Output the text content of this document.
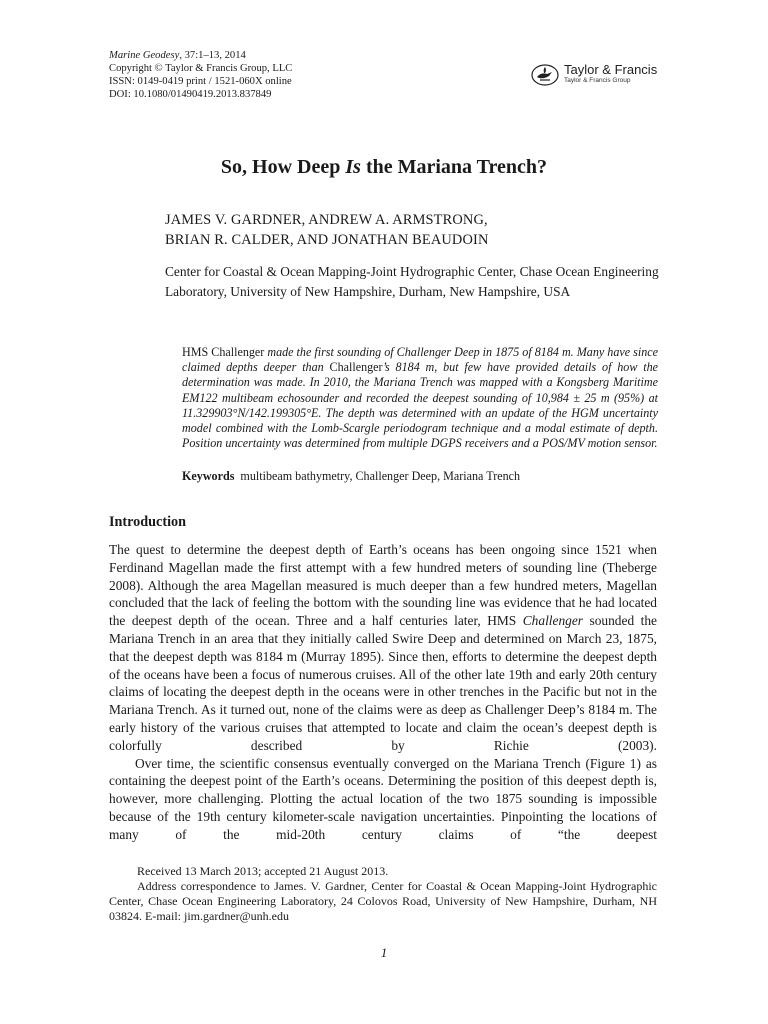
Marine Geodesy, 37:1–13, 2014
Copyright © Taylor & Francis Group, LLC
ISSN: 0149-0419 print / 1521-060X online
DOI: 10.1080/01490419.2013.837849
Taylor & Francis
Taylor & Francis Group
So, How Deep Is the Mariana Trench?
JAMES V. GARDNER, ANDREW A. ARMSTRONG,
BRIAN R. CALDER, AND JONATHAN BEAUDOIN
Center for Coastal & Ocean Mapping-Joint Hydrographic Center, Chase Ocean Engineering Laboratory, University of New Hampshire, Durham, New Hampshire, USA
HMS Challenger made the first sounding of Challenger Deep in 1875 of 8184 m. Many have since claimed depths deeper than Challenger’s 8184 m, but few have provided details of how the determination was made. In 2010, the Mariana Trench was mapped with a Kongsberg Maritime EM122 multibeam echosounder and recorded the deepest sounding of 10,984 ± 25 m (95%) at 11.329903°N/142.199305°E. The depth was determined with an update of the HGM uncertainty model combined with the Lomb-Scargle periodogram technique and a modal estimate of depth. Position uncertainty was determined from multiple DGPS receivers and a POS/MV motion sensor.
Keywords multibeam bathymetry, Challenger Deep, Mariana Trench
Introduction

The quest to determine the deepest depth of Earth’s oceans has been ongoing since 1521 when Ferdinand Magellan made the first attempt with a few hundred meters of sounding line (Theberge 2008). Although the area Magellan measured is much deeper than a few hundred meters, Magellan concluded that the lack of feeling the bottom with the sounding line was evidence that he had located the deepest depth of the ocean. Three and a half centuries later, HMS Challenger sounded the Mariana Trench in an area that they initially called Swire Deep and determined on March 23, 1875, that the deepest depth was 8184 m (Murray 1895). Since then, efforts to determine the deepest depth of the oceans have been a focus of numerous cruises. All of the other late 19th and early 20th century claims of locating the deepest depth in the oceans were in other trenches in the Pacific but not in the Mariana Trench. As it turned out, none of the claims were as deep as Challenger Deep’s 8184 m. The early history of the various cruises that attempted to locate and claim the ocean’s deepest depth is colorfully described by Richie (2003).

Over time, the scientific consensus eventually converged on the Mariana Trench (Figure 1) as containing the deepest point of the Earth’s oceans. Determining the position of this deepest depth is, however, more challenging. Plotting the actual location of the two 1875 sounding is impossible because of the 19th century kilometer-scale navigation uncertainties. Pinpointing the locations of many of the mid-20th century claims of “the deepest

Received 13 March 2013; accepted 21 August 2013.

Address correspondence to James. V. Gardner, Center for Coastal & Ocean Mapping-Joint Hydrographic Center, Chase Ocean Engineering Laboratory, 24 Colovos Road, University of New Hampshire, Durham, NH 03824. E-mail: jim.gardner@unh.edu

1
